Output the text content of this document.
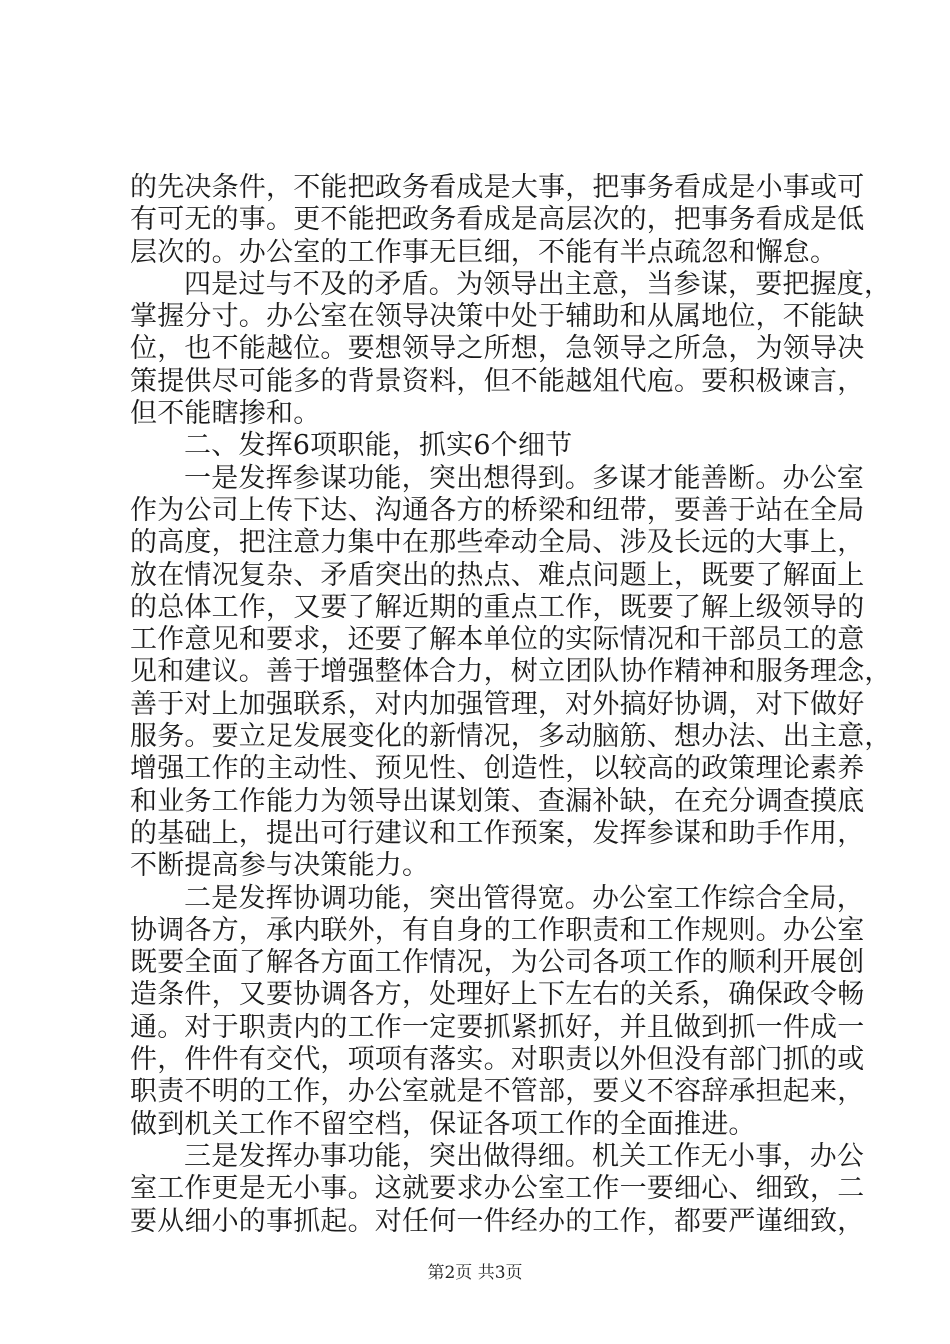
的先决条件，不能把政务看成是大事，把事务看成是小事或可
有可无的事。更不能把政务看成是高层次的，把事务看成是低
层次的。办公室的工作事无巨细，不能有半点疏忽和懈怠。
四是过与不及的矛盾。为领导出主意，当参谋，要把握度，
掌握分寸。办公室在领导决策中处于辅助和从属地位，不能缺
位，也不能越位。要想领导之所想，急领导之所急，为领导决
策提供尽可能多的背景资料，但不能越俎代庖。要积极谏言，
但不能瞎掺和。
二、发挥6项职能，抓实6个细节
一是发挥参谋功能，突出想得到。多谋才能善断。办公室
作为公司上传下达、沟通各方的桥梁和纽带，要善于站在全局
的高度，把注意力集中在那些牵动全局、涉及长远的大事上，
放在情况复杂、矛盾突出的热点、难点问题上，既要了解面上
的总体工作，又要了解近期的重点工作，既要了解上级领导的
工作意见和要求，还要了解本单位的实际情况和干部员工的意
见和建议。善于增强整体合力，树立团队协作精神和服务理念，
善于对上加强联系，对内加强管理，对外搞好协调，对下做好
服务。要立足发展变化的新情况，多动脑筋、想办法、出主意，
增强工作的主动性、预见性、创造性，以较高的政策理论素养
和业务工作能力为领导出谋划策、查漏补缺，在充分调查摸底
的基础上，提出可行建议和工作预案，发挥参谋和助手作用，
不断提高参与决策能力。
二是发挥协调功能，突出管得宽。办公室工作综合全局，
协调各方，承内联外，有自身的工作职责和工作规则。办公室
既要全面了解各方面工作情况，为公司各项工作的顺利开展创
造条件，又要协调各方，处理好上下左右的关系，确保政令畅
通。对于职责内的工作一定要抓紧抓好，并且做到抓一件成一
件，件件有交代，项项有落实。对职责以外但没有部门抓的或
职责不明的工作，办公室就是不管部，要义不容辞承担起来，
做到机关工作不留空档，保证各项工作的全面推进。
三是发挥办事功能，突出做得细。机关工作无小事，办公
室工作更是无小事。这就要求办公室工作一要细心、细致，二
要从细小的事抓起。对任何一件经办的工作，都要严谨细致，
第2页 共3页
